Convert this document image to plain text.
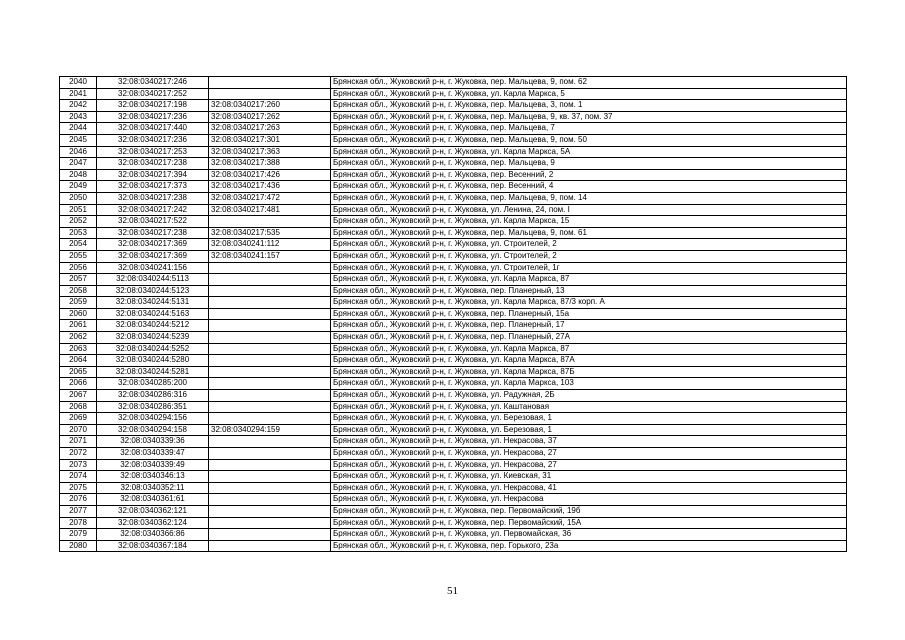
2040	32:08:0340217:246		Брянская обл., Жуковский р-н, г. Жуковка, пер. Мальцева, 9, пом. 62
2041	32:08:0340217:252		Брянская обл., Жуковский р-н, г. Жуковка, ул. Карла Маркса, 5
2042	32:08:0340217:198	32:08:0340217:260	Брянская обл., Жуковский р-н, г. Жуковка, пер. Мальцева, 3, пом. 1
2043	32:08:0340217:236	32:08:0340217:262	Брянская обл., Жуковский р-н, г. Жуковка, пер. Мальцева, 9, кв. 37, пом. 37
2044	32:08:0340217:440	32:08:0340217:263	Брянская обл., Жуковский р-н, г. Жуковка, пер. Мальцева, 7
2045	32:08:0340217:236	32:08:0340217:301	Брянская обл., Жуковский р-н, г. Жуковка, пер. Мальцева, 9, пом. 50
2046	32:08:0340217:253	32:08:0340217:363	Брянская обл., Жуковский р-н, г. Жуковка, ул. Карла Маркса, 5А
2047	32:08:0340217:238	32:08:0340217:388	Брянская обл., Жуковский р-н, г. Жуковка, пер. Мальцева, 9
2048	32:08:0340217:394	32:08:0340217:426	Брянская обл., Жуковский р-н, г. Жуковка, пер. Весенний, 2
2049	32:08:0340217:373	32:08:0340217:436	Брянская обл., Жуковский р-н, г. Жуковка, пер. Весенний, 4
2050	32:08:0340217:238	32:08:0340217:472	Брянская обл., Жуковский р-н, г. Жуковка, пер. Мальцева, 9, пом. 14
2051	32:08:0340217:242	32:08:0340217:481	Брянская обл., Жуковский р-н, г. Жуковка, ул. Ленина, 24, пом. I
2052	32:08:0340217:522		Брянская обл., Жуковский р-н, г. Жуковка, ул. Карла Маркса, 15
2053	32:08:0340217:238	32:08:0340217:535	Брянская обл., Жуковский р-н, г. Жуковка, пер. Мальцева, 9, пом. 61
2054	32:08:0340217:369	32:08:0340241:112	Брянская обл., Жуковский р-н, г. Жуковка, ул. Строителей, 2
2055	32:08:0340217:369	32:08:0340241:157	Брянская обл., Жуковский р-н, г. Жуковка, ул. Строителей, 2
2056	32:08:0340241:156		Брянская обл., Жуковский р-н, г. Жуковка, ул. Строителей, 1г
2057	32:08:0340244:5113		Брянская обл., Жуковский р-н, г. Жуковка, ул. Карла Маркса, 87
2058	32:08:0340244:5123		Брянская обл., Жуковский р-н, г. Жуковка, пер. Планерный, 13
2059	32:08:0340244:5131		Брянская обл., Жуковский р-н, г. Жуковка, ул. Карла Маркса, 87/3 корп. А
2060	32:08:0340244:5163		Брянская обл., Жуковский р-н, г. Жуковка, пер. Планерный, 15а
2061	32:08:0340244:5212		Брянская обл., Жуковский р-н, г. Жуковка, пер. Планерный, 17
2062	32:08:0340244:5239		Брянская обл., Жуковский р-н, г. Жуковка, пер. Планерный, 27А
2063	32:08:0340244:5252		Брянская обл., Жуковский р-н, г. Жуковка, ул. Карла Маркса, 87
2064	32:08:0340244:5280		Брянская обл., Жуковский р-н, г. Жуковка, ул. Карла Маркса, 87А
2065	32:08:0340244:5281		Брянская обл., Жуковский р-н, г. Жуковка, ул. Карла Маркса, 87Б
2066	32:08:0340285:200		Брянская обл., Жуковский р-н, г. Жуковка, ул. Карла Маркса, 103
2067	32:08:0340286:316		Брянская обл., Жуковский р-н, г. Жуковка, ул. Радужная, 2Б
2068	32:08:0340286:351		Брянская обл., Жуковский р-н, г. Жуковка, ул. Каштановая
2069	32:08:0340294:156		Брянская обл., Жуковский р-н, г. Жуковка, ул. Березовая, 1
2070	32:08:0340294:158	32:08:0340294:159	Брянская обл., Жуковский р-н, г. Жуковка, ул. Березовая, 1
2071	32:08:0340339:36		Брянская обл., Жуковский р-н, г. Жуковка, ул. Некрасова, 37
2072	32:08:0340339:47		Брянская обл., Жуковский р-н, г. Жуковка, ул. Некрасова, 27
2073	32:08:0340339:49		Брянская обл., Жуковский р-н, г. Жуковка, ул. Некрасова, 27
2074	32:08:0340346:13		Брянская обл., Жуковский р-н, г. Жуковка, ул. Киевская, 31
2075	32:08:0340352:11		Брянская обл., Жуковский р-н, г. Жуковка, ул. Некрасова, 41
2076	32:08:0340361:61		Брянская обл., Жуковский р-н, г. Жуковка, ул. Некрасова
2077	32:08:0340362:121		Брянская обл., Жуковский р-н, г. Жуковка, пер. Первомайский, 19б
2078	32:08:0340362:124		Брянская обл., Жуковский р-н, г. Жуковка, пер. Первомайский, 15А
2079	32:08:0340366:86		Брянская обл., Жуковский р-н, г. Жуковка, ул. Первомайская, 36
2080	32:08:0340367:184		Брянская обл., Жуковский р-н, г. Жуковка, пер. Горького, 23а
51
